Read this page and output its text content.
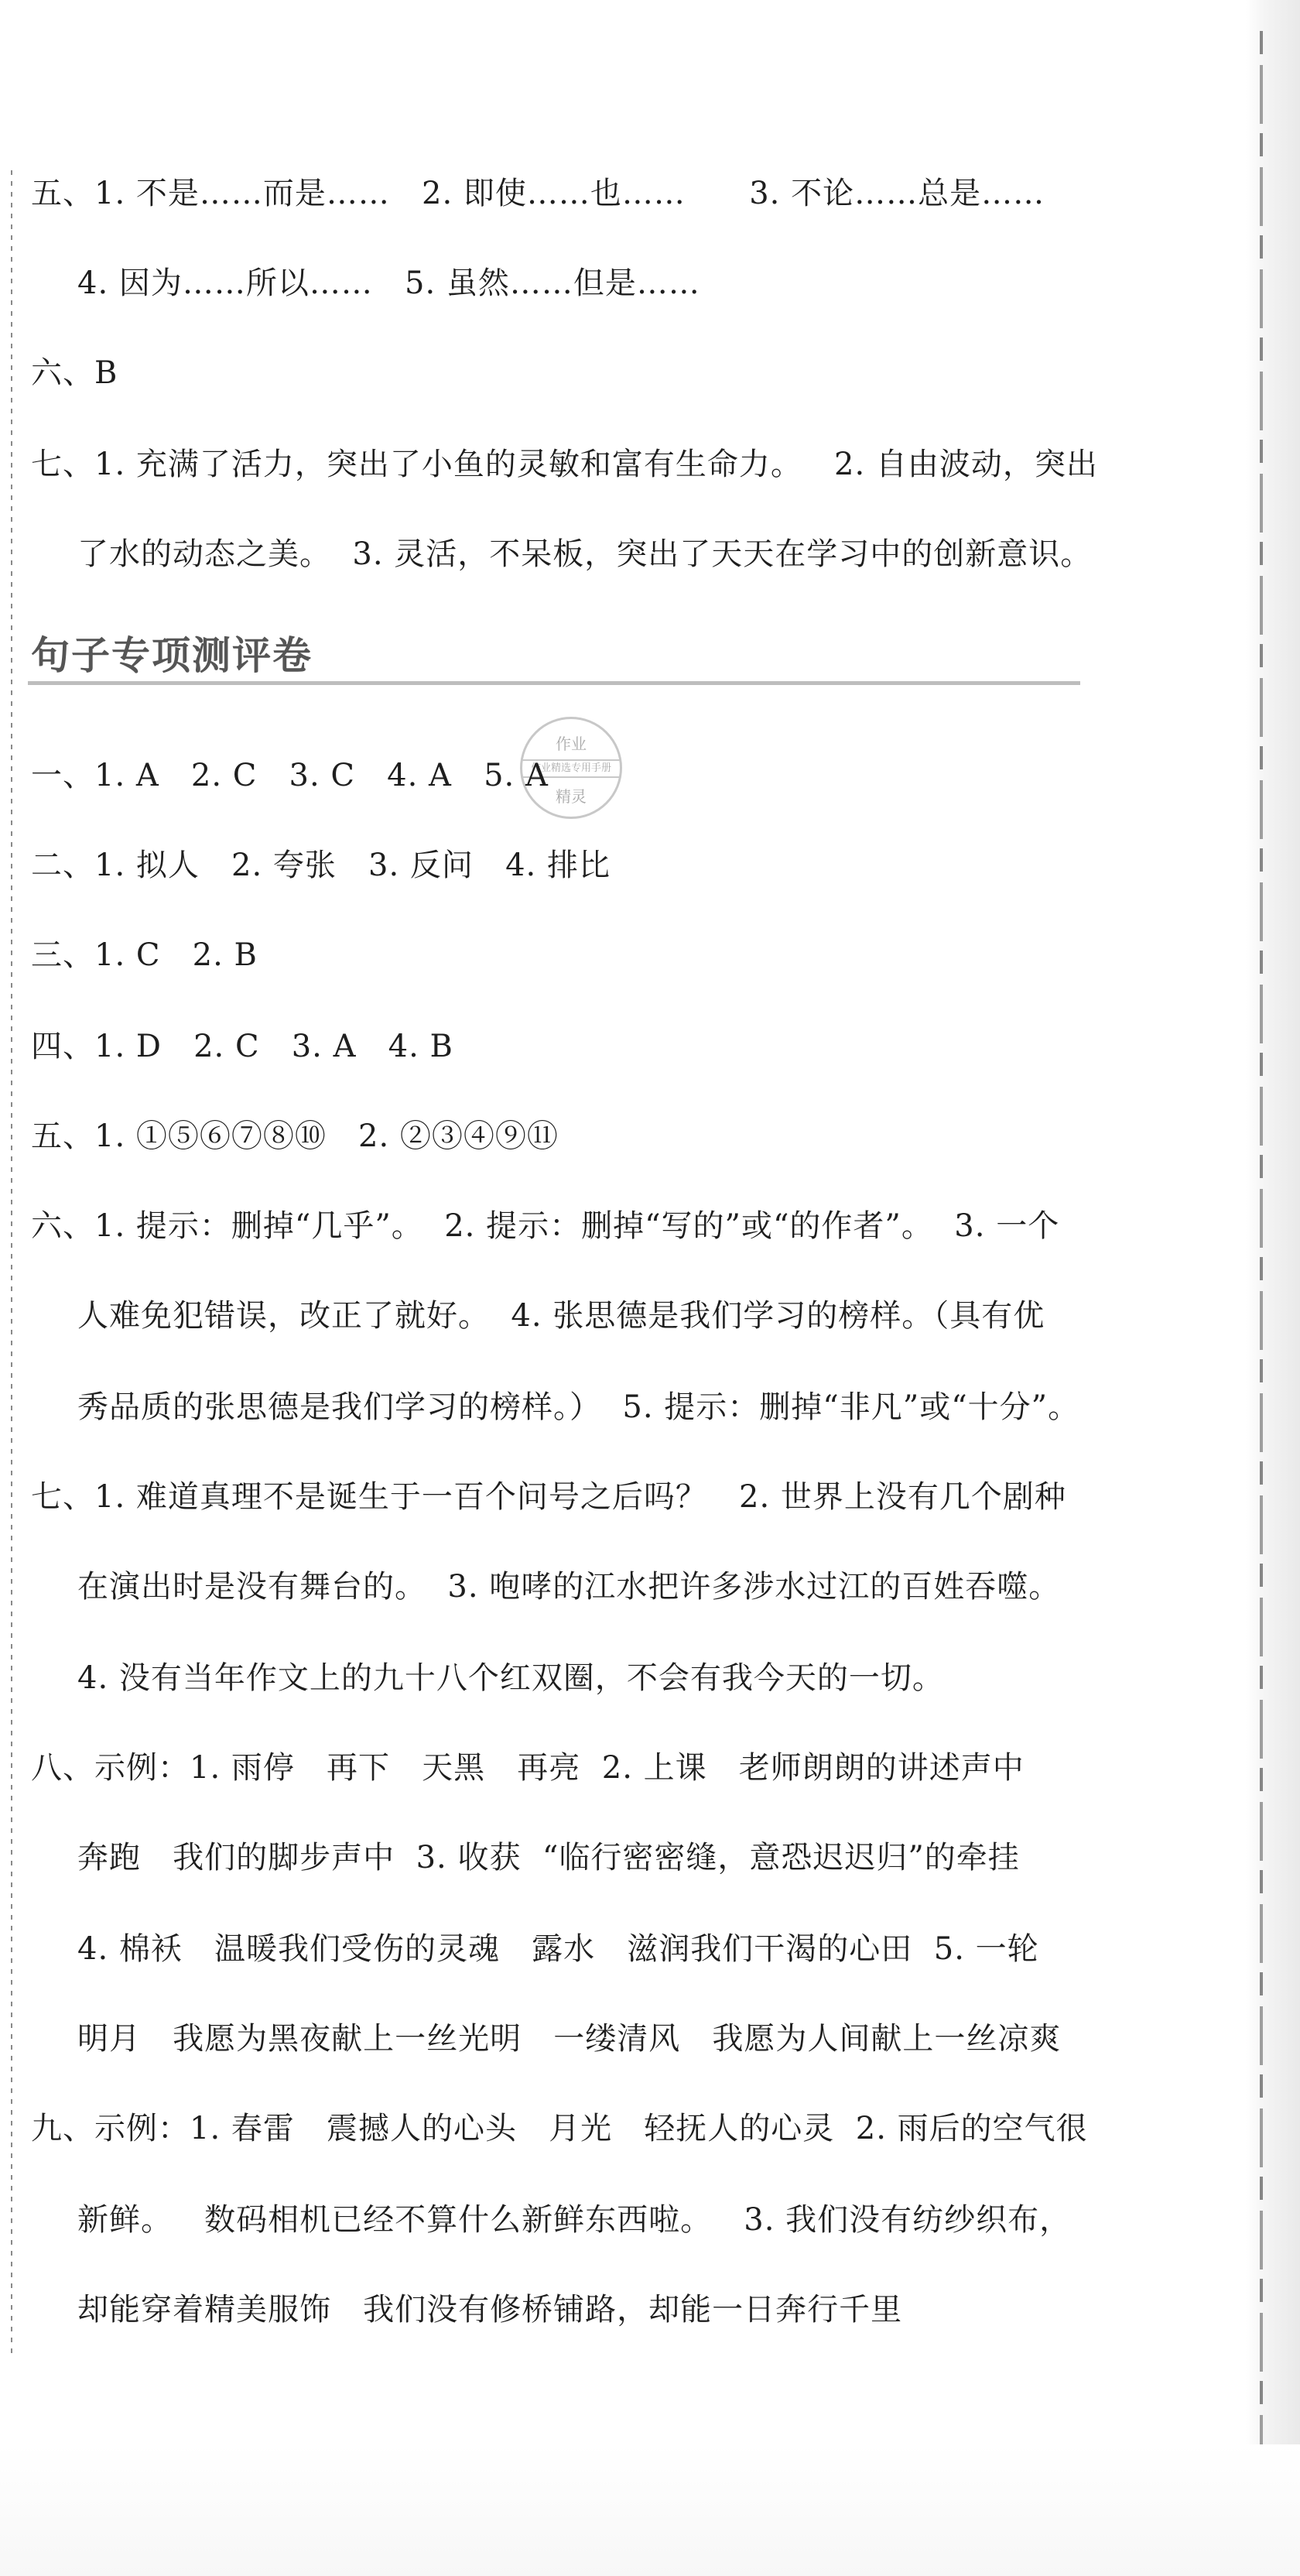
五、1. 不是……而是……   2. 即使……也……      3. 不论……总是……
4. 因为……所以……   5. 虽然……但是……
六、B
七、1. 充满了活力，突出了小鱼的灵敏和富有生命力。   2. 自由波动，突出
了水的动态之美。  3. 灵活，不呆板，突出了天天在学习中的创新意识。
句子专项测评卷
作业
作业精选专用手册
精灵
一、1. A   2. C   3. C   4. A   5. A
二、1. 拟人   2. 夸张   3. 反问   4. 排比
三、1. C   2. B
四、1. D   2. C   3. A   4. B
五、1. ①⑤⑥⑦⑧⑩   2. ②③④⑨⑪
六、1. 提示：删掉“几乎”。  2. 提示：删掉“写的”或“的作者”。  3. 一个
人难免犯错误，改正了就好。  4. 张思德是我们学习的榜样。（具有优
秀品质的张思德是我们学习的榜样。）  5. 提示：删掉“非凡”或“十分”。
七、1. 难道真理不是诞生于一百个问号之后吗？   2. 世界上没有几个剧种
在演出时是没有舞台的。  3. 咆哮的江水把许多涉水过江的百姓吞噬。
4. 没有当年作文上的九十八个红双圈，不会有我今天的一切。
八、示例：1. 雨停   再下   天黑   再亮  2. 上课   老师朗朗的讲述声中
奔跑   我们的脚步声中  3. 收获  “临行密密缝，意恐迟迟归”的牵挂
4. 棉袄   温暖我们受伤的灵魂   露水   滋润我们干渴的心田  5. 一轮
明月   我愿为黑夜献上一丝光明   一缕清风   我愿为人间献上一丝凉爽
九、示例：1. 春雷   震撼人的心头   月光   轻抚人的心灵  2. 雨后的空气很
新鲜。   数码相机已经不算什么新鲜东西啦。   3. 我们没有纺纱织布，
却能穿着精美服饰   我们没有修桥铺路，却能一日奔行千里
